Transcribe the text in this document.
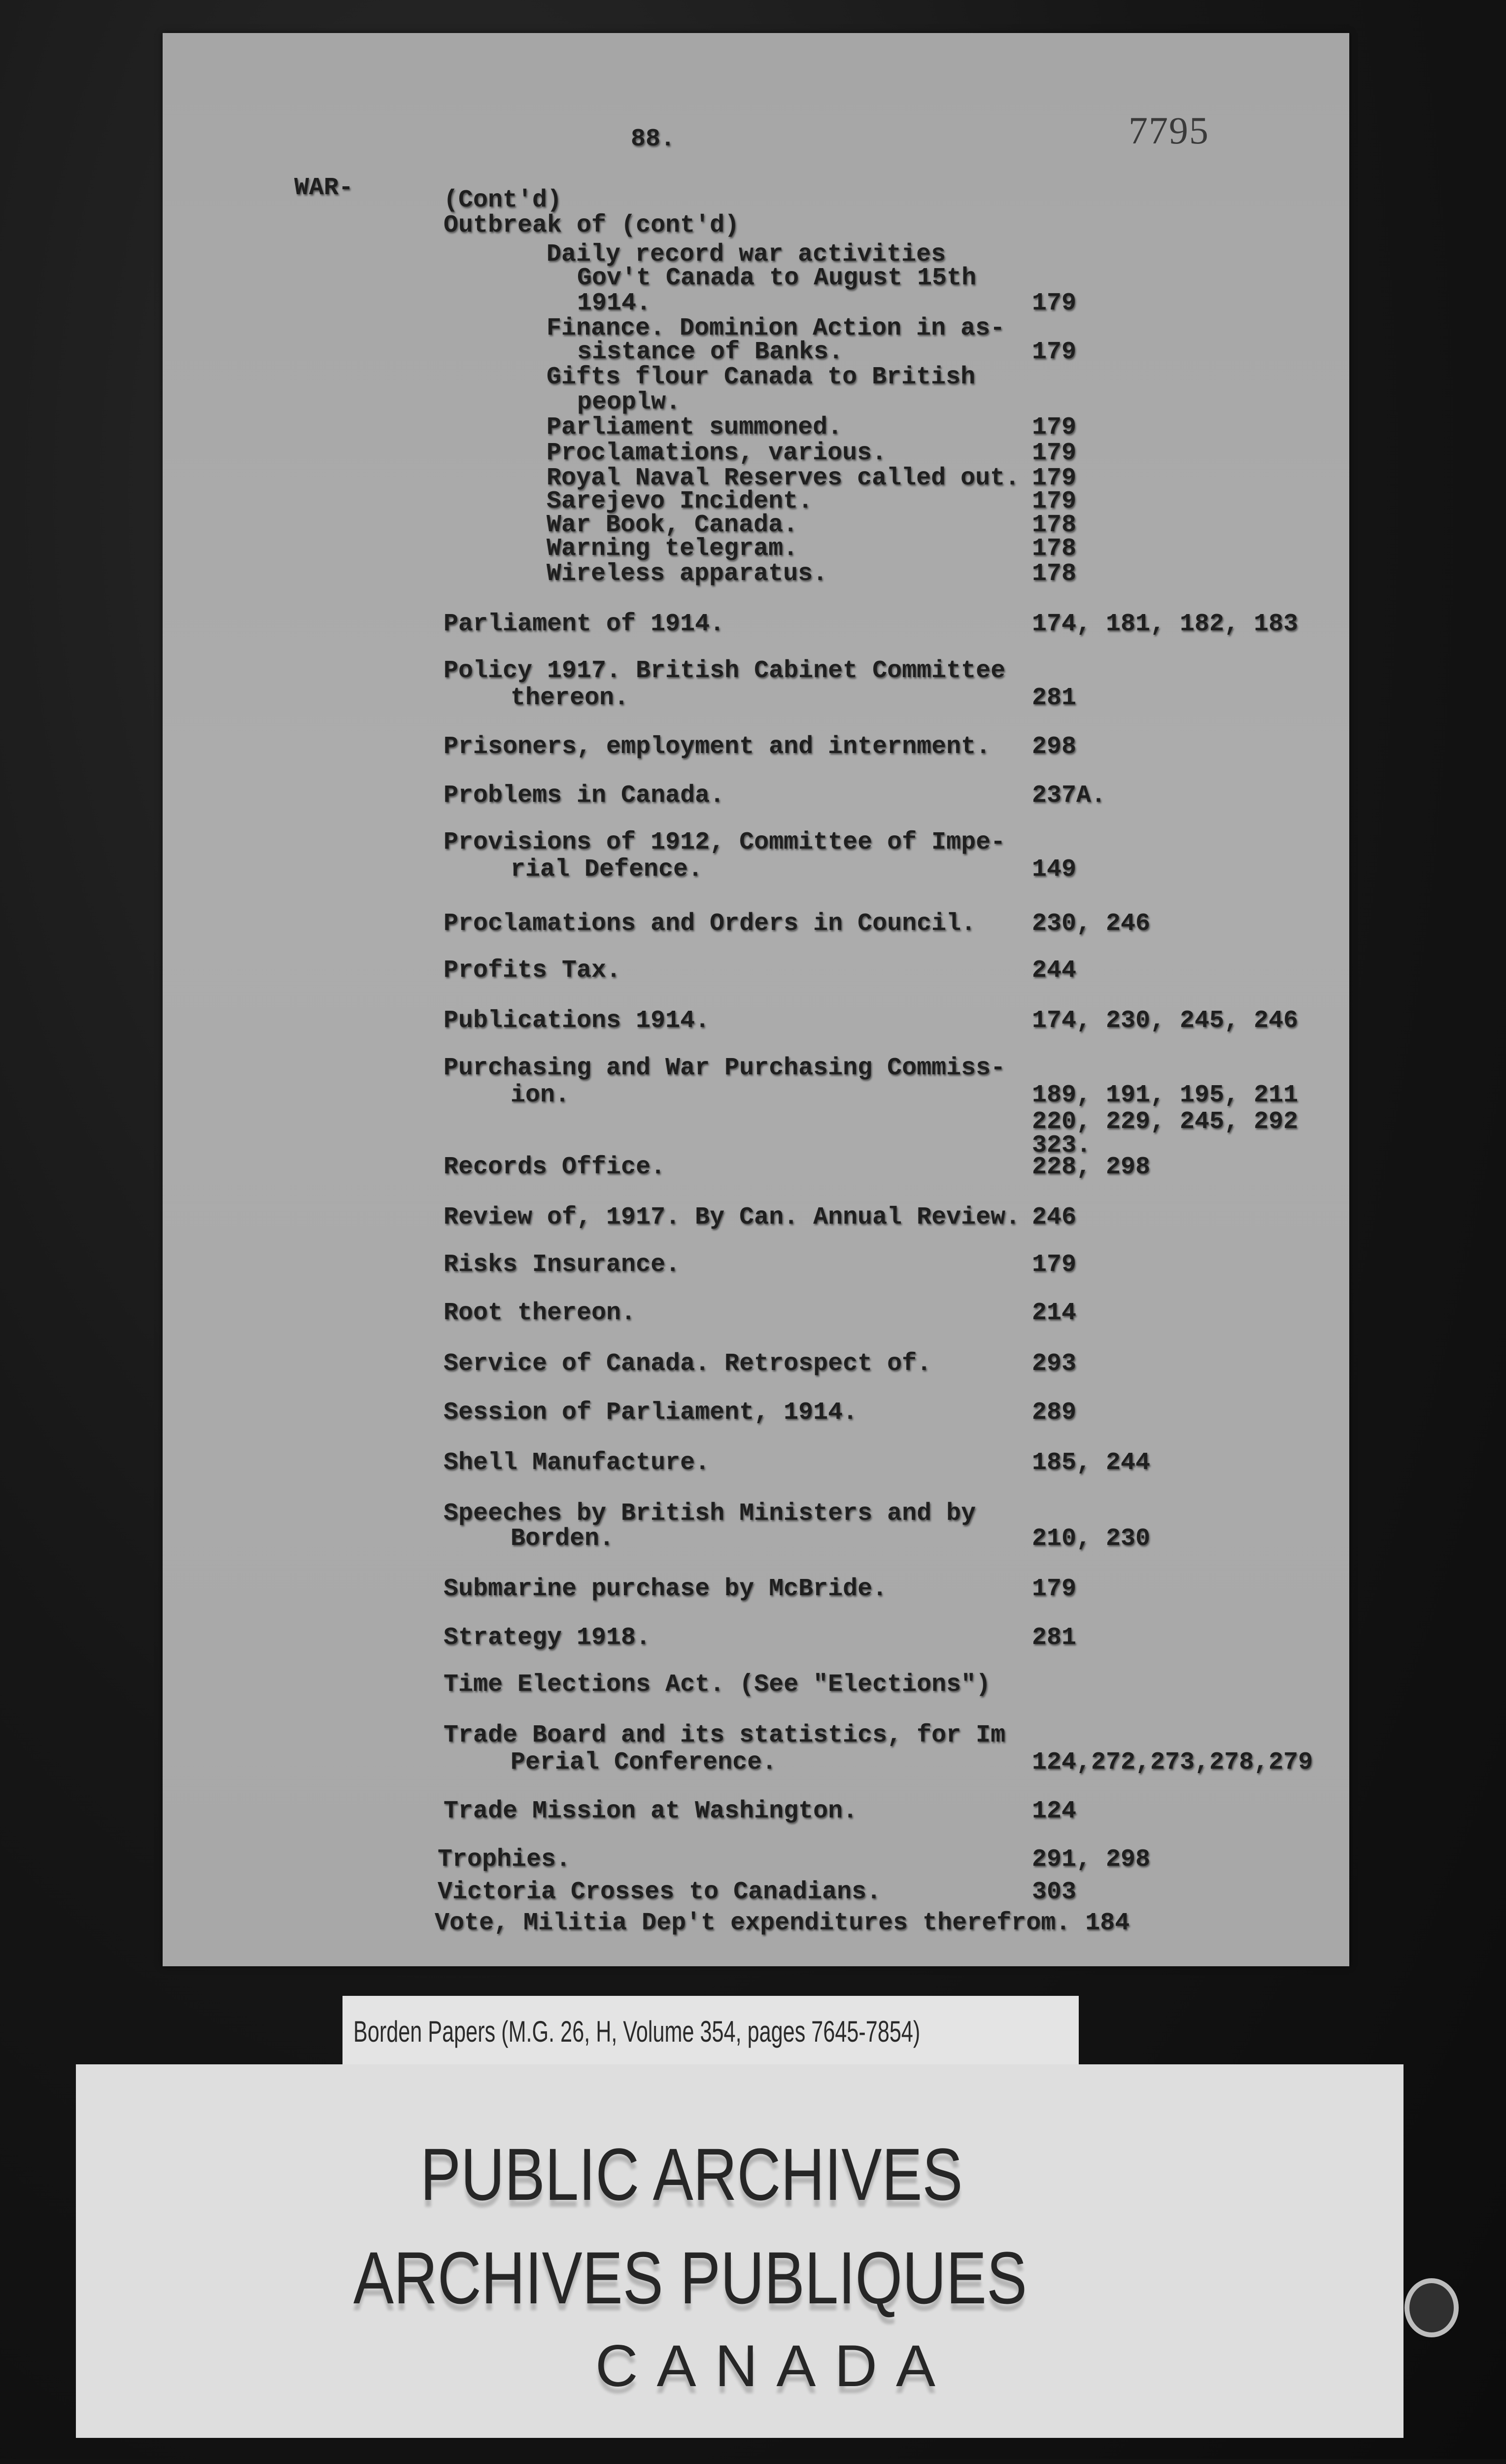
88.	7795
WAR-	(Cont'd)
Outbreak of (cont'd)
Daily record war activities
Gov't Canada to August 15th
1914.	179
Finance. Dominion Action in as-
sistance of Banks.	179
Gifts flour Canada to British
peoplw.
Parliament summoned.	179
Proclamations, various.	179
Royal Naval Reserves called out. 179
Sarejevo Incident.	179
War Book, Canada.	178
Warning telegram.	178
Wireless apparatus.	178
Parliament of 1914.	174, 181, 182, 183
Policy 1917. British Cabinet Committee
thereon.	281
Prisoners, employment and internment. 298
Problems in Canada.	237A.
Provisions of 1912, Committee of Impe-
rial Defence.	149
Proclamations and Orders in Council. 230, 246
Profits Tax.	244
Publications 1914.	174, 230, 245, 246
Purchasing and War Purchasing Commiss-
ion.	189, 191, 195, 211
220, 229, 245, 292
323.
Records Office.	228, 298
Review of, 1917. By Can. Annual Review. 246
Risks Insurance.	179
Root thereon.	214
Service of Canada. Retrospect of.	293
Session of Parliament, 1914.	289
Shell Manufacture.	185, 244
Speeches by British Ministers and by
Borden.	210, 230
Submarine purchase by McBride.	179
Strategy 1918.	281
Time Elections Act. (See "Elections")
Trade Board and its statistics, for Im
Perial Conference.	124,272,273,278,279
Trade Mission at Washington.	124
Trophies.	291, 298
Victoria Crosses to Canadians.	303
Vote, Militia Dep't expenditures therefrom. 184
Borden Papers (M.G. 26, H, Volume 354, pages 7645-7854)
PUBLIC ARCHIVES
ARCHIVES PUBLIQUES
CANADA
